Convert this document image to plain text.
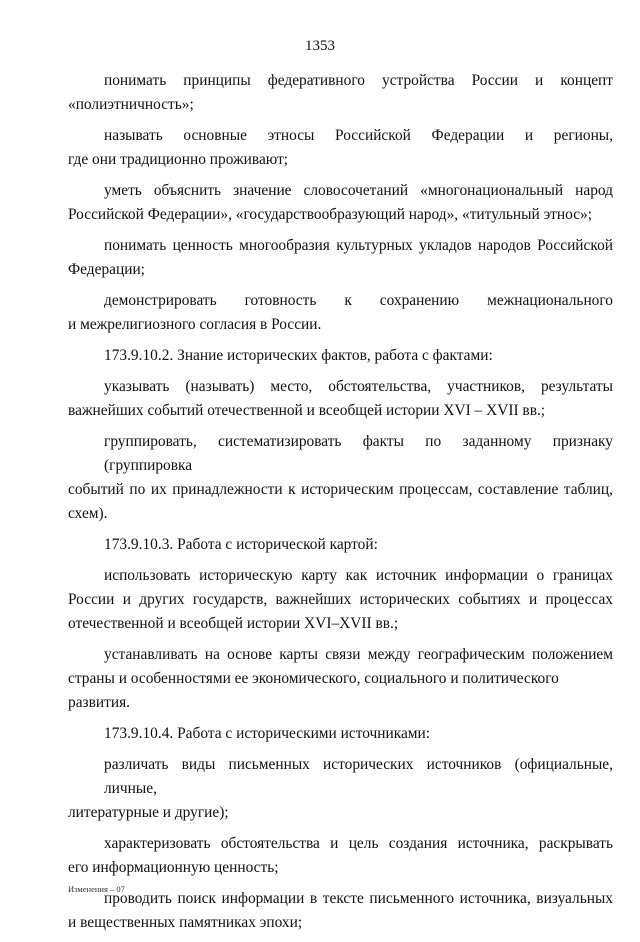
1353

понимать принципы федеративного устройства России и концепт
«полиэтничность»;

называть основные этносы Российской Федерации и регионы,
где они традиционно проживают;

уметь объяснить значение словосочетаний «многонациональный народ
Российской Федерации», «государствообразующий народ», «титульный этнос»;

понимать ценность многообразия культурных укладов народов Российской
Федерации;

демонстрировать готовность к сохранению межнационального
и межрелигиозного согласия в России.

173.9.10.2. Знание исторических фактов, работа с фактами:

указывать (называть) место, обстоятельства, участников, результаты
важнейших событий отечественной и всеобщей истории XVI – XVII вв.;

группировать, систематизировать факты по заданному признаку (группировка
событий по их принадлежности к историческим процессам, составление таблиц, схем).

173.9.10.3. Работа с исторической картой:

использовать историческую карту как источник информации о границах
России и других государств, важнейших исторических событиях и процессах отечественной и всеобщей истории XVI–XVII вв.;

устанавливать на основе карты связи между географическим положением
страны и особенностями ее экономического, социального и политического развития.

173.9.10.4. Работа с историческими источниками:

различать виды письменных исторических источников (официальные, личные,
литературные и другие);

характеризовать обстоятельства и цель создания источника, раскрывать
его информационную ценность;

проводить поиск информации в тексте письменного источника, визуальных
и вещественных памятниках эпохи;

Изменения – 07
